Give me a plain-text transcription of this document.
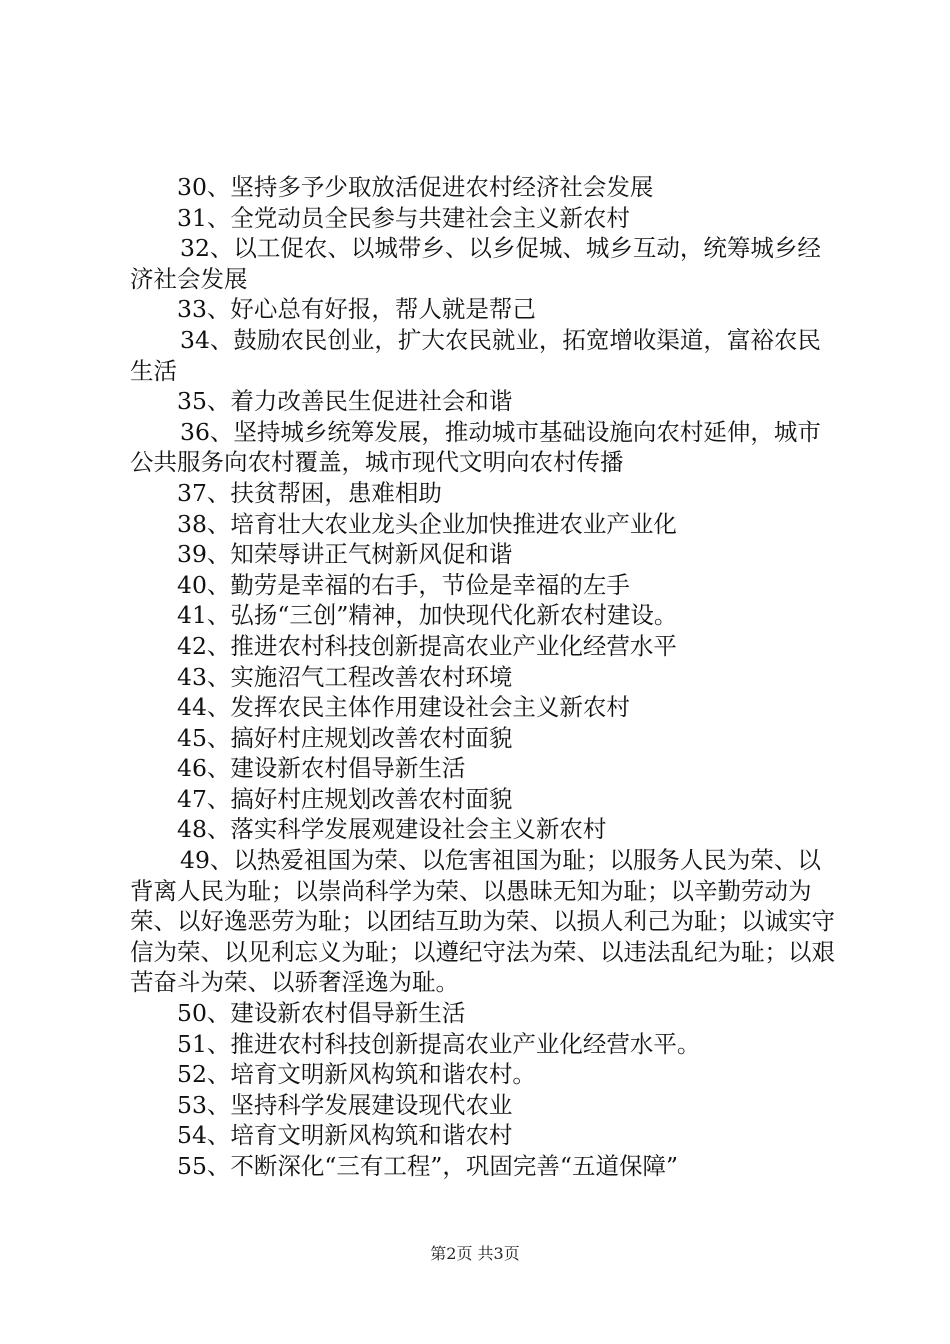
30、坚持多予少取放活促进农村经济社会发展

31、全党动员全民参与共建社会主义新农村

32、以工促农、以城带乡、以乡促城、城乡互动，统筹城乡经济社会发展

33、好心总有好报，帮人就是帮己

34、鼓励农民创业，扩大农民就业，拓宽增收渠道，富裕农民生活

35、着力改善民生促进社会和谐

36、坚持城乡统筹发展，推动城市基础设施向农村延伸，城市公共服务向农村覆盖，城市现代文明向农村传播

37、扶贫帮困，患难相助

38、培育壮大农业龙头企业加快推进农业产业化

39、知荣辱讲正气树新风促和谐

40、勤劳是幸福的右手，节俭是幸福的左手

41、弘扬“三创”精神，加快现代化新农村建设。

42、推进农村科技创新提高农业产业化经营水平

43、实施沼气工程改善农村环境

44、发挥农民主体作用建设社会主义新农村

45、搞好村庄规划改善农村面貌

46、建设新农村倡导新生活

47、搞好村庄规划改善农村面貌

48、落实科学发展观建设社会主义新农村

49、以热爱祖国为荣、以危害祖国为耻；以服务人民为荣、以背离人民为耻；以崇尚科学为荣、以愚昧无知为耻；以辛勤劳动为荣、以好逸恶劳为耻；以团结互助为荣、以损人利己为耻；以诚实守信为荣、以见利忘义为耻；以遵纪守法为荣、以违法乱纪为耻；以艰苦奋斗为荣、以骄奢淫逸为耻。

50、建设新农村倡导新生活

51、推进农村科技创新提高农业产业化经营水平。

52、培育文明新风构筑和谐农村。

53、坚持科学发展建设现代农业

54、培育文明新风构筑和谐农村

55、不断深化“三有工程”，巩固完善“五道保障”

第2页 共3页
